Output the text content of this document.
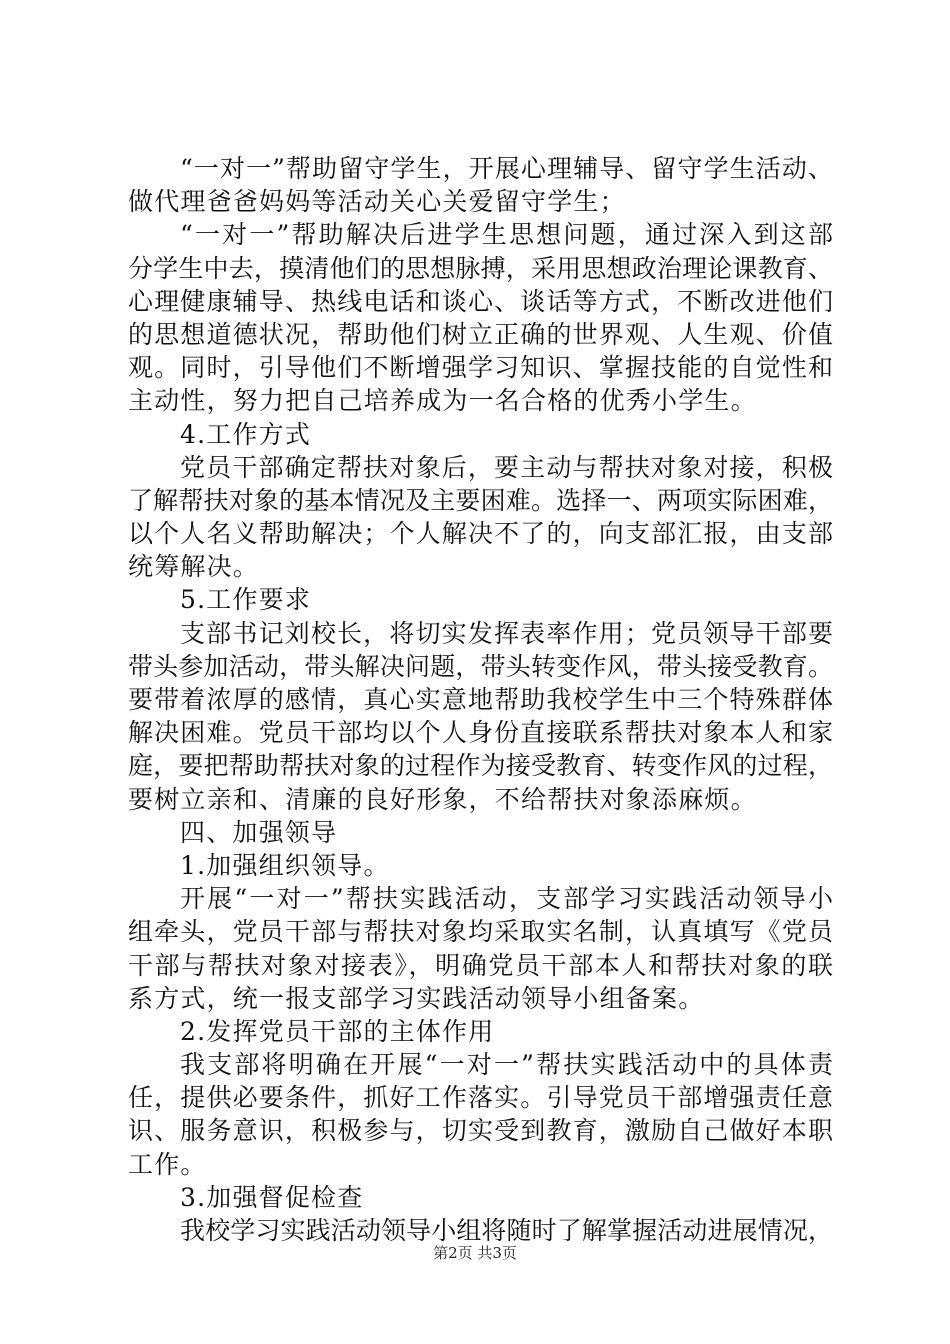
“一对一”帮助留守学生，开展心理辅导、留守学生活动、
做代理爸爸妈妈等活动关心关爱留守学生；
“一对一”帮助解决后进学生思想问题，通过深入到这部
分学生中去，摸清他们的思想脉搏，采用思想政治理论课教育、
心理健康辅导、热线电话和谈心、谈话等方式，不断改进他们
的思想道德状况，帮助他们树立正确的世界观、人生观、价值
观。同时，引导他们不断增强学习知识、掌握技能的自觉性和
主动性，努力把自己培养成为一名合格的优秀小学生。
4.工作方式
党员干部确定帮扶对象后，要主动与帮扶对象对接，积极
了解帮扶对象的基本情况及主要困难。选择一、两项实际困难，
以个人名义帮助解决；个人解决不了的，向支部汇报，由支部
统筹解决。
5.工作要求
支部书记刘校长，将切实发挥表率作用；党员领导干部要
带头参加活动，带头解决问题，带头转变作风，带头接受教育。
要带着浓厚的感情，真心实意地帮助我校学生中三个特殊群体
解决困难。党员干部均以个人身份直接联系帮扶对象本人和家
庭，要把帮助帮扶对象的过程作为接受教育、转变作风的过程，
要树立亲和、清廉的良好形象，不给帮扶对象添麻烦。
四、加强领导
1.加强组织领导。
开展“一对一”帮扶实践活动，支部学习实践活动领导小
组牵头，党员干部与帮扶对象均采取实名制，认真填写《党员
干部与帮扶对象对接表》，明确党员干部本人和帮扶对象的联
系方式，统一报支部学习实践活动领导小组备案。
2.发挥党员干部的主体作用
我支部将明确在开展“一对一”帮扶实践活动中的具体责
任，提供必要条件，抓好工作落实。引导党员干部增强责任意
识、服务意识，积极参与，切实受到教育，激励自己做好本职
工作。
3.加强督促检查
我校学习实践活动领导小组将随时了解掌握活动进展情况，
第2页 共3页
